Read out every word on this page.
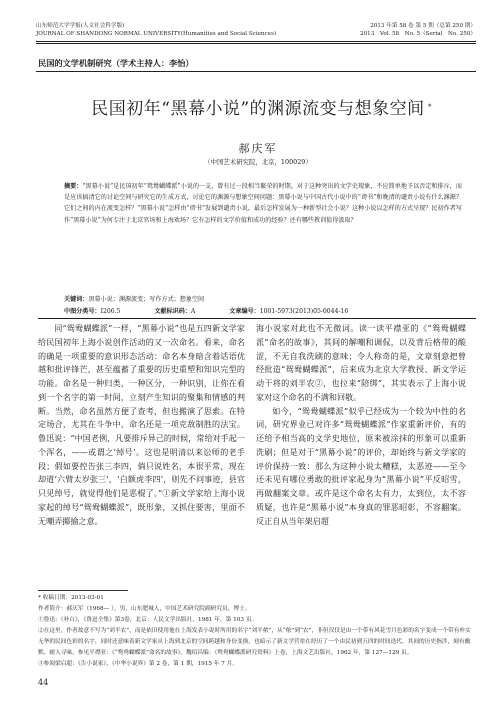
山东师范大学学报(人文社会科学版)
JOURNAL OF SHANDONG NORMAL UNIVERSITY(Humanities and Social Sciences)
2013 年第 58 卷 第 5 期（总第 250 期）
2013　Vol. 58　No. 5（Serial　No. 250）
民国的文学机制研究（学术主持人：李怡）
民国初年“黑幕小说”的渊源流变与想象空间 *
郝庆军
（中国艺术研究院，北京，100029）
摘要：“黑幕小说”是民国初年“鸳鸯蝴蝶派”小说的一支，曾有过一段相当繁荣的时期。对于这种突出的文学史现象，不应简单地予以否定和排斥，而是应该搞清它的讨论空间与研究它的生成方式，讨论它的渊源与想象空间问题：黑幕小说与中国古代小说中的“谤书”和晚清的谴责小说有什么渊源？它们之间的内在流变怎样？“黑幕小说”怎样由“谤书”发展到谴责小说，最后怎样发展为一种新型社会小说？这种小说以怎样的方式呈现？民初作者写作“黑幕小说”为何专注于北京官场和上海欢场？它有怎样的文学价值和成功的经验？还有哪些教训值得汲取？
关键词：黑幕小说；渊源流变；写作方式；想象空间
中图分类号：I206.5	文献标识码：A	文章编号：1001-5973(2013)05-0044-16

同“鸳鸯蝴蝶派”一样，“黑幕小说”也是五四新文学家给民国初年上海小说创作活动的又一次命名。看来，命名的确是一项重要的意识形态活动：命名本身暗含着话语优越和批评锋芒，甚至蕴蓄了重要的历史重塑和知识完型的功能。命名是一种归类，一种区分，一种识别，让你在看到一个名字的第一时间，立刻产生知识的聚集和情感的判断。当然，命名虽然方便了查考，但也搬演了思索。在特定场合，尤其在斗争中，命名还是一项克敌制胜的法宝。鲁迅说：“中国老例，凡要排斥异己的时候，常给对手起一个浑名，——或谓之‘绰号’。这也是明清以来讼师的老手段；假如要控告张三李四，倘只说姓名，本很平常，现在却道‘六臂太岁张三’，‘白额虎李四’，则先不问事迹，县官只见绰号，就觉得他们是恶棍了。”①新文学家给上海小说家起的绰号“鸳鸯蝴蝶派”，既形象，又抓住要害，里面不无嘲弄揶揄之意。

海小说家对此也不无微词。读一读平襟亚的《“鸳鸯蝴蝶派”命名的故事》，其间的解嘲和调侃，以及背后格带的酸涩，不无自我洗刷的意味；令人称奇的是，文章刻意把曾经批造“鸳鸯蝴蝶派”，后来成为北京大学教授、新文学运动干将的刘半农②，也拉来“陪绑”，其实表示了上海小说家对这个命名的不满和回敬。

如今，“鸳鸯蝴蝶派”似乎已经成为一个较为中性的名词，研究界业已对许多“鸳鸯蝴蝶派”作家重新评价，有的还给予相当高的文学史地位，原来被涂抹的形象可以重新洗刷；但是对于“黑幕小说”的评价，却始终与新文学家的评价保持一致：那么为这种小说太糟糕，太恶迹——至今还未见有哪位勇敢的批评家起身为“黑幕小说”平反昭雪，再做翻案文章。或许是这个命名太有力，太到位，太不容质疑，也许是“黑幕小说”本身真的罪恶昭彰，不容翻案。反正自从当年架启超

* 收稿日期：2013-03-01

作者简介：郝庆军（1968— ），男，山东肥城人，中国艺术研究院副研究员，博士。

①鲁迅：《补白》，《鲁迅全集》第3卷，北京：人民文学出版社，1981 年，第 103 页。

②在这里，作者故意不写为“刘半农”，而是依旧使用他在上海发表小说时所用的名字“刘半侬”，从“侬”到“农”，非但仅仅是由一个带有风花雪月色彩的名字变成一个带有朴实无华的民间色彩的名字，同时还意味着新文学家从上海到北京的空间跨越和身份变换，也暗示了新文学营垒在经历了一个由民初到五四的时间迭代。其间的历史指涉，刻有幽默、耐人寻味。参见平襟亚：《“鸳鸯蝴蝶派”命名的故事》，魏绍昌编：《鸳鸯蝴蝶派研究资料》上卷，上海文艺出版社，1962 年，第 127—129 页。

③参阅梁启超：《告小说家》，《中华小说界》第 2 卷，第 1 期，1915 年 7 月。

44
